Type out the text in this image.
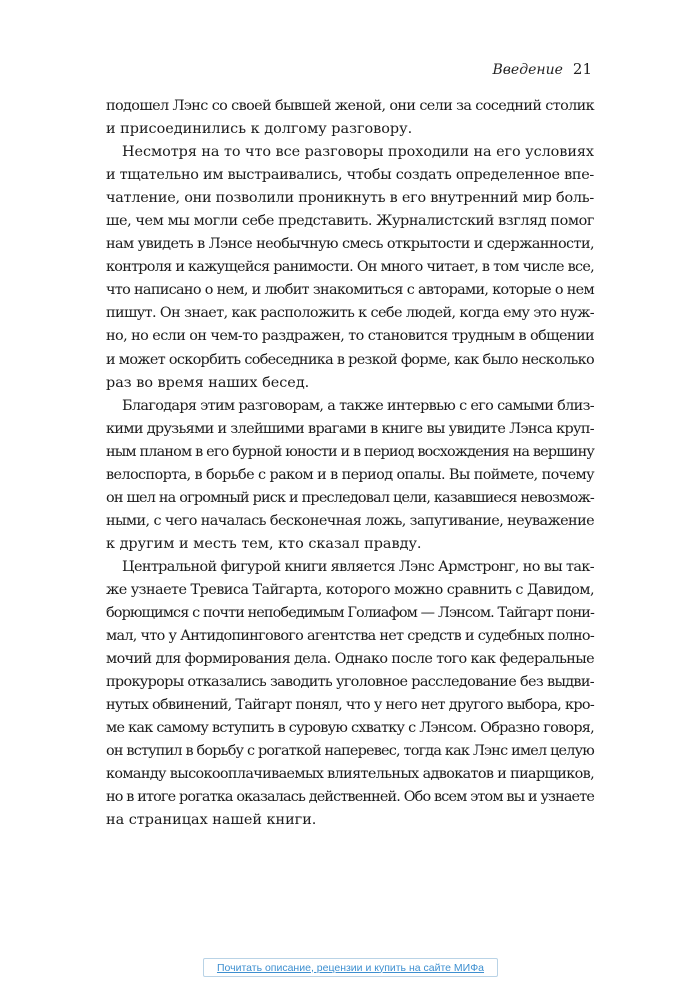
Введение 21

подошел Лэнс со своей бывшей женой, они сели за соседний столик
и присоединились к долгому разговору.

Несмотря на то что все разговоры проходили на его условиях
и тщательно им выстраивались, чтобы создать определенное впе-
чатление, они позволили проникнуть в его внутренний мир боль-
ше, чем мы могли себе представить. Журналистский взгляд помог
нам увидеть в Лэнсе необычную смесь открытости и сдержанности,
контроля и кажущейся ранимости. Он много читает, в том числе все,
что написано о нем, и любит знакомиться с авторами, которые о нем
пишут. Он знает, как расположить к себе людей, когда ему это нуж-
но, но если он чем-то раздражен, то становится трудным в общении
и может оскорбить собеседника в резкой форме, как было несколько
раз во время наших бесед.

Благодаря этим разговорам, а также интервью с его самыми близ-
кими друзьями и злейшими врагами в книге вы увидите Лэнса круп-
ным планом в его бурной юности и в период восхождения на вершину
велоспорта, в борьбе с раком и в период опалы. Вы поймете, почему
он шел на огромный риск и преследовал цели, казавшиеся невозмож-
ными, с чего началась бесконечная ложь, запугивание, неуважение
к другим и месть тем, кто сказал правду.

Центральной фигурой книги является Лэнс Армстронг, но вы так-
же узнаете Тревиса Тайгарта, которого можно сравнить с Давидом,
борющимся с почти непобедимым Голиафом — Лэнсом. Тайгарт пони-
мал, что у Антидопингового агентства нет средств и судебных полно-
мочий для формирования дела. Однако после того как федеральные
прокуроры отказались заводить уголовное расследование без выдви-
нутых обвинений, Тайгарт понял, что у него нет другого выбора, кро-
ме как самому вступить в суровую схватку с Лэнсом. Образно говоря,
он вступил в борьбу с рогаткой наперевес, тогда как Лэнс имел целую
команду высокооплачиваемых влиятельных адвокатов и пиарщиков,
но в итоге рогатка оказалась действенней. Обо всем этом вы и узнаете
на страницах нашей книги.

Почитать описание, рецензии и купить на сайте МИФа
